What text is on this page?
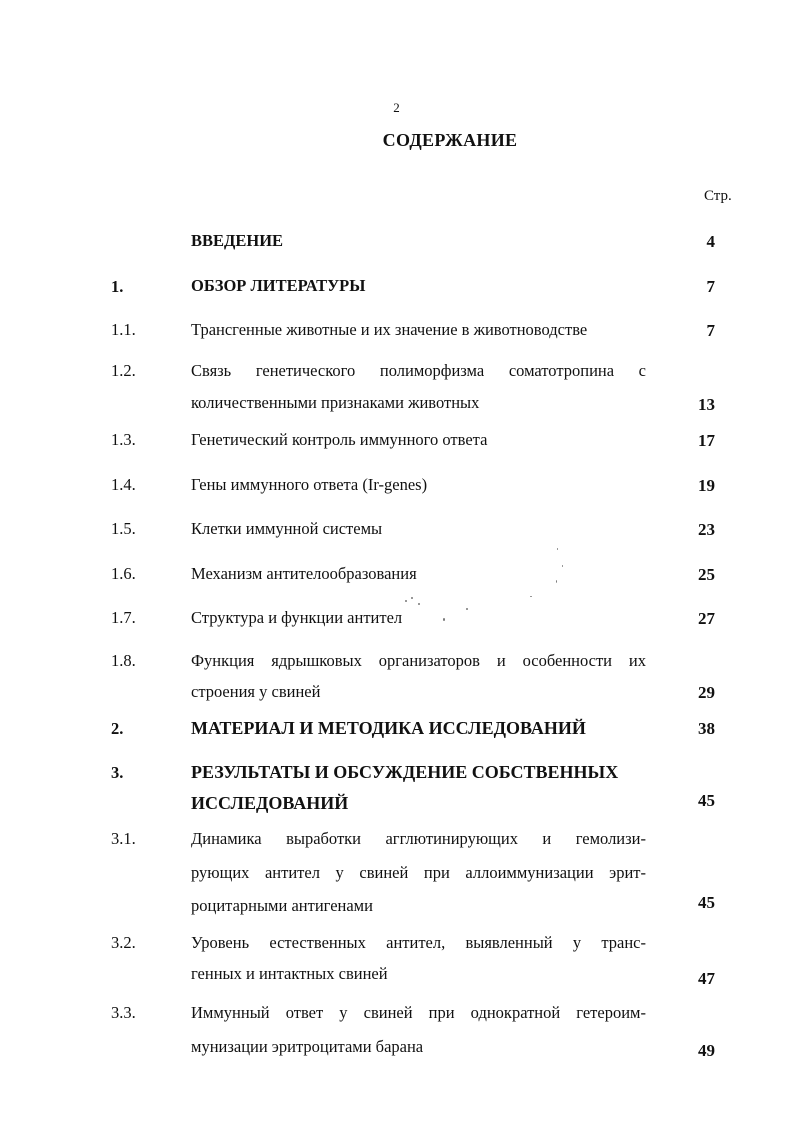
2
СОДЕРЖАНИЕ
Стр.
ВВЕДЕНИЕ	4
1.	ОБЗОР ЛИТЕРАТУРЫ	7
1.1.	Трансгенные животные и их значение в животноводстве	7
1.2.	Связь генетического полиморфизма соматотропина с
количественными признаками животных	13
1.3.	Генетический контроль иммунного ответа	17
1.4.	Гены иммунного ответа (Ir-genes)	19
1.5.	Клетки иммунной системы	23
1.6.	Механизм антителообразования	25
1.7.	Структура и функции антител	27
1.8.	Функция ядрышковых организаторов и особенности их
строения у свиней	29
2.	МАТЕРИАЛ И МЕТОДИКА ИССЛЕДОВАНИЙ	38
3.	РЕЗУЛЬТАТЫ И ОБСУЖДЕНИЕ СОБСТВЕННЫХ
ИССЛЕДОВАНИЙ	45
3.1.	Динамика выработки агглютинирующих и гемолизи-
рующих антител у свиней при аллоиммунизации эрит-
роцитарными антигенами	45
3.2.	Уровень естественных антител, выявленный у транс-
генных и интактных свиней	47
3.3.	Иммунный ответ у свиней при однократной гетероим-
мунизации эритроцитами барана	49
